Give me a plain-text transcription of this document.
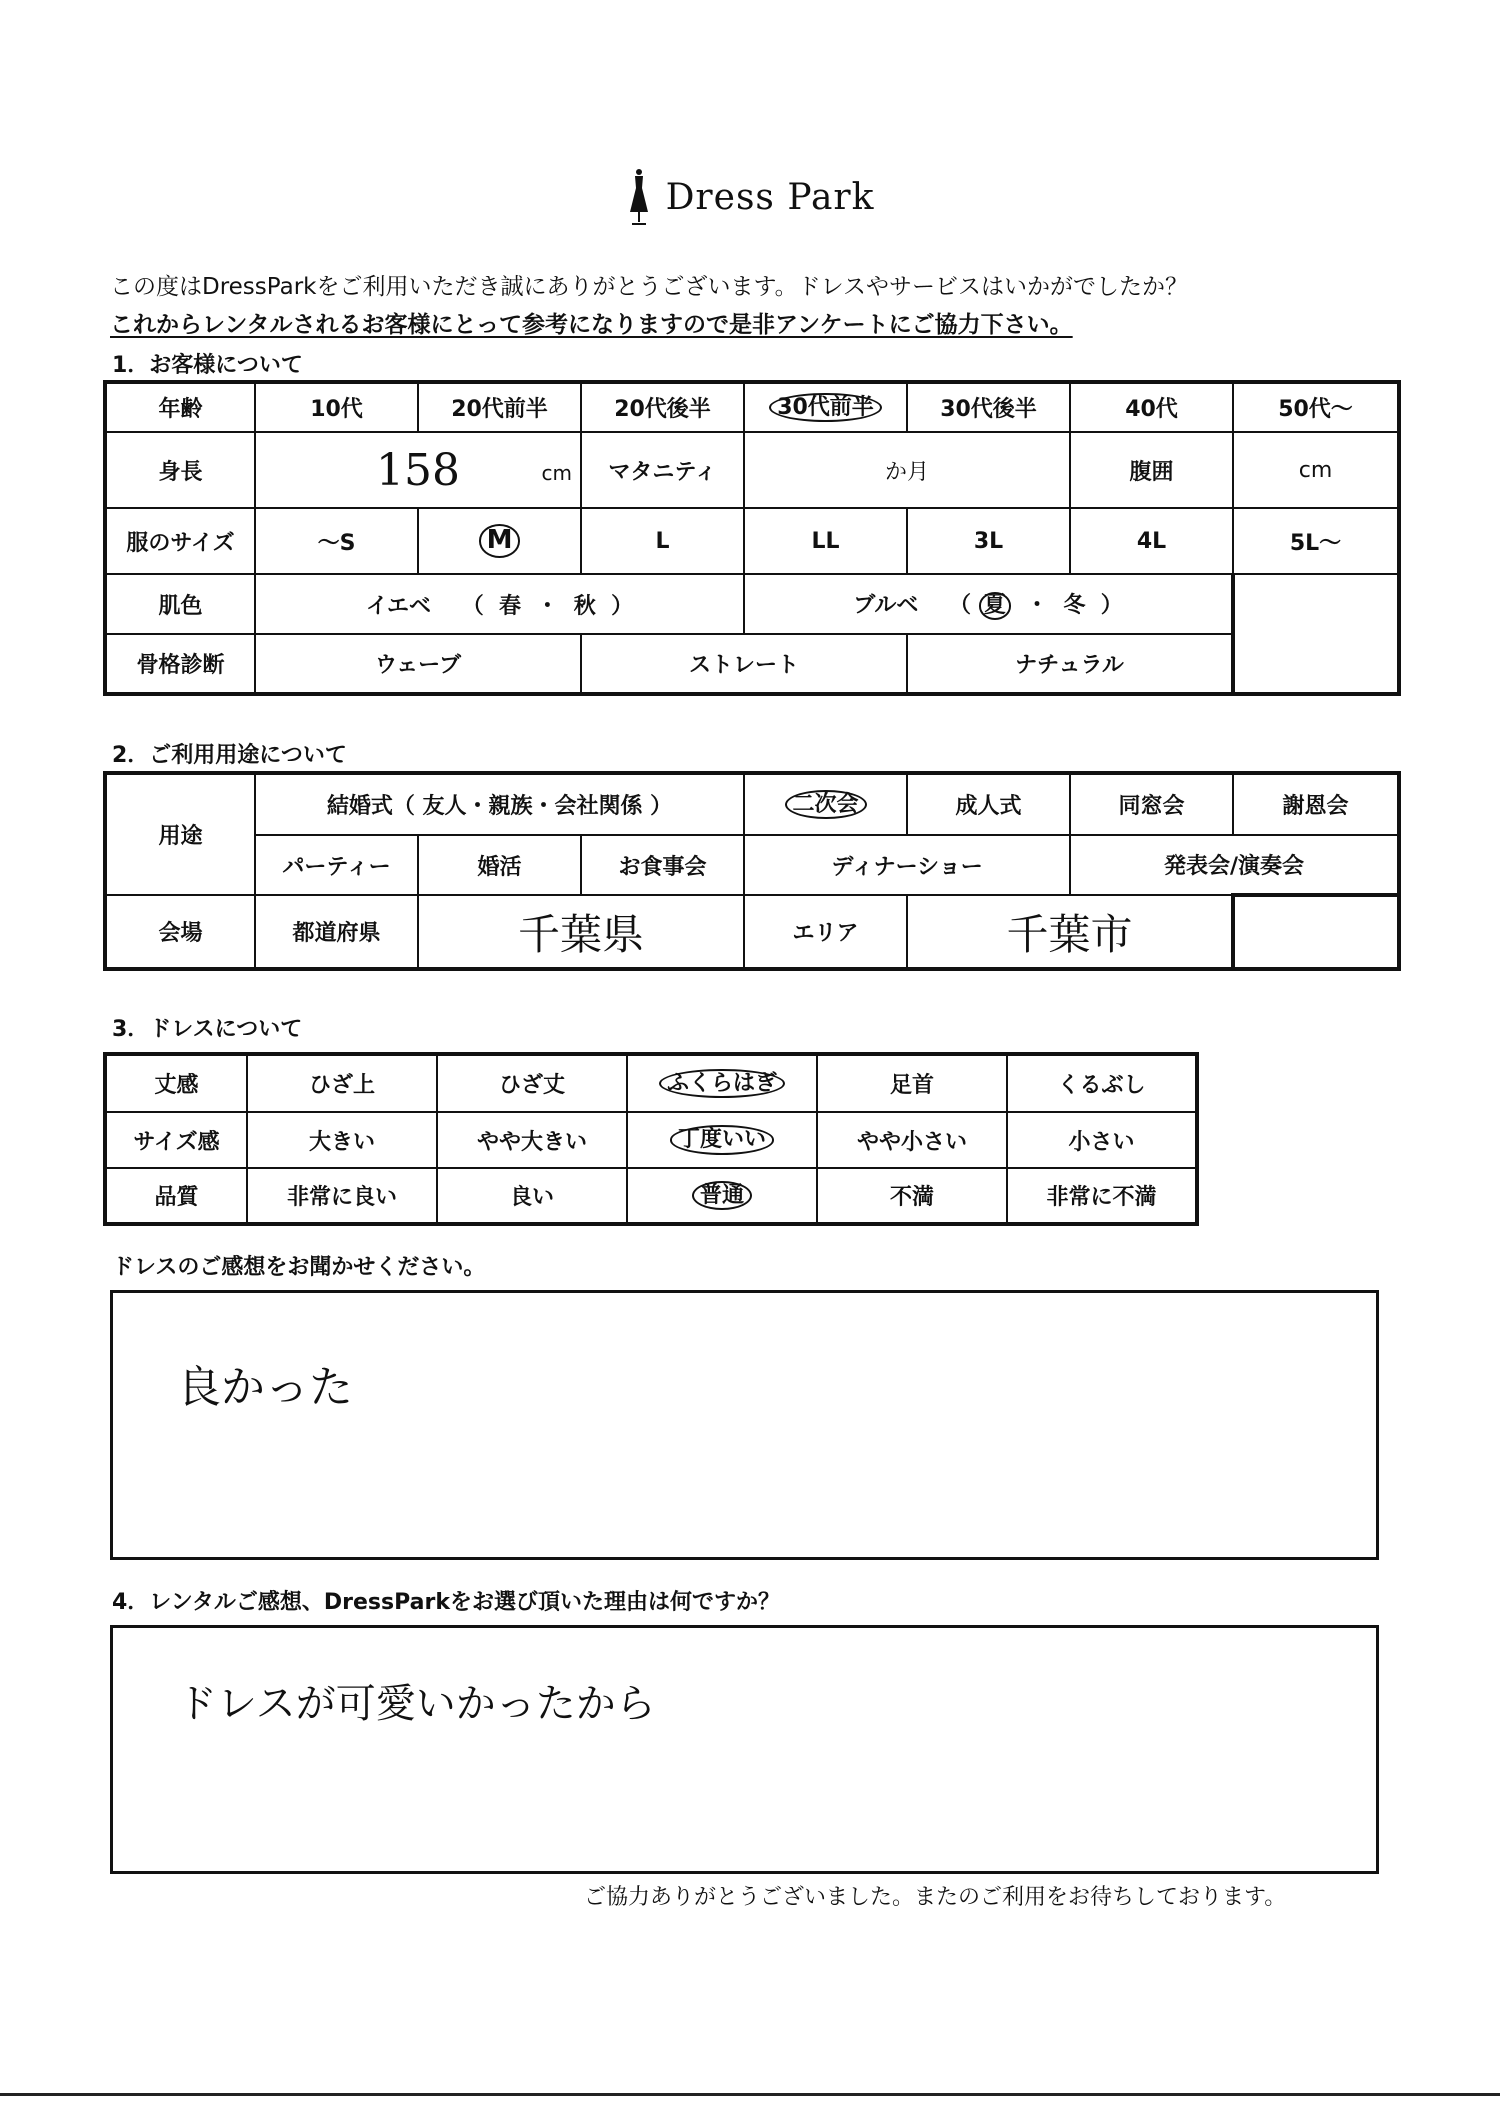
Dress Park
この度はDressParkをご利用いただき誠にありがとうございます。ドレスやサービスはいかがでしたか？
これからレンタルされるお客様にとって参考になりますので是非アンケートにご協力下さい。
1．お客様について
年齢	10代	20代前半	20代後半	30代前半	30代後半	40代	50代〜
身長	158 cm		マタニティ	か月		腹囲	cm
服のサイズ	〜S	M	L	LL	3L	4L	5L〜
肌色	イエベ （ 春 ・ 秋 ）			ブルベ （ 夏 ・ 冬 ）			
骨格診断	ウェーブ		ストレート		ナチュラル		
2．ご利用用途について
用途	結婚式（ 友人・親族・会社関係 ）			二次会	成人式	同窓会	謝恩会
	パーティー	婚活	お食事会	ディナーショー		発表会/演奏会	
会場	都道府県	千葉県		エリア	千葉市		
3．ドレスについて
丈感	ひざ上	ひざ丈	ふくらはぎ	足首	くるぶし
サイズ感	大きい	やや大きい	丁度いい	やや小さい	小さい
品質	非常に良い	良い	普通	不満	非常に不満
ドレスのご感想をお聞かせください。
良かった
4．レンタルご感想、DressParkをお選び頂いた理由は何ですか？
ドレスが可愛いかったから
ご協力ありがとうございました。またのご利用をお待ちしております。
